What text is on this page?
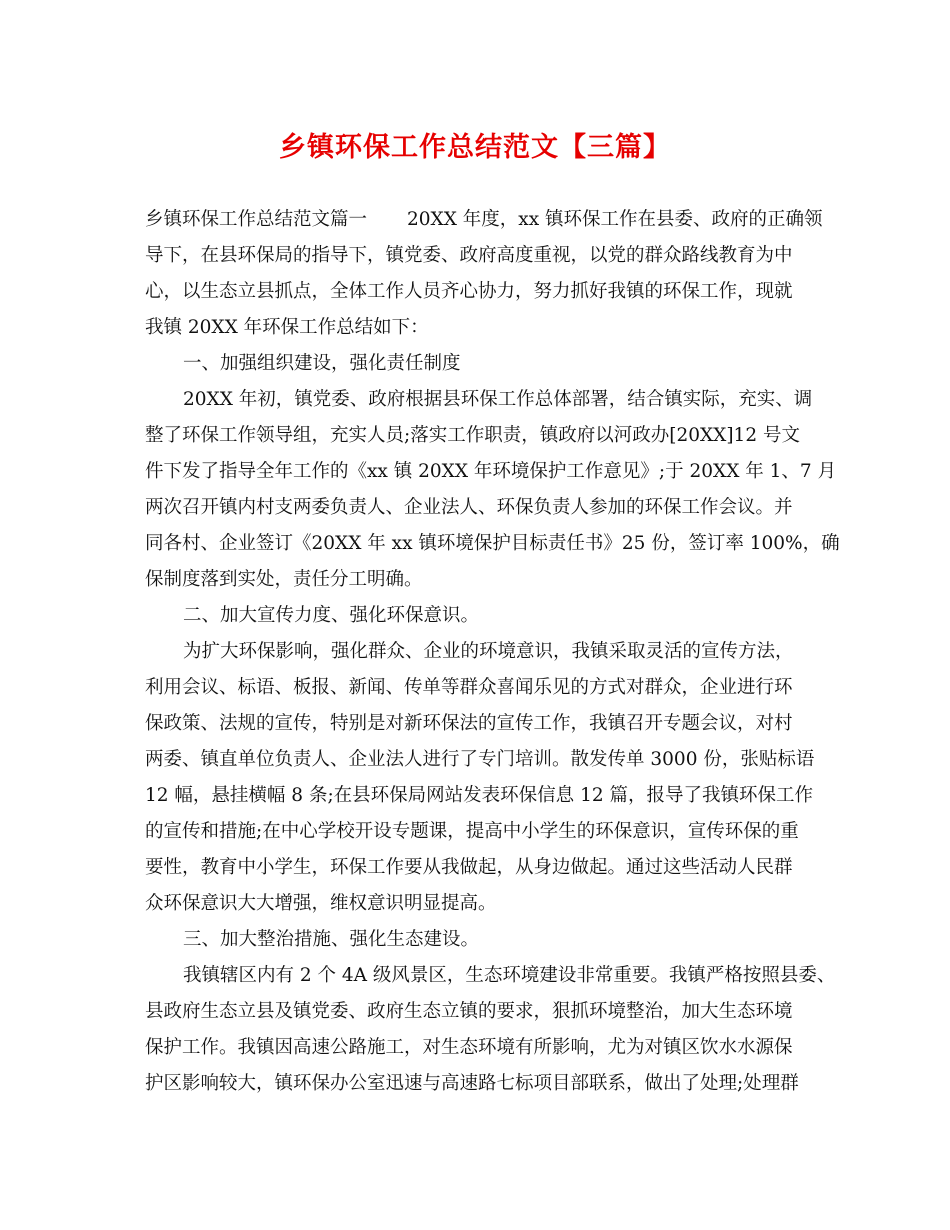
乡镇环保工作总结范文【三篇】

乡镇环保工作总结范文篇一 20XX 年度，xx 镇环保工作在县委、政府的正确领

导下，在县环保局的指导下，镇党委、政府高度重视，以党的群众路线教育为中

心，以生态立县抓点，全体工作人员齐心协力，努力抓好我镇的环保工作，现就

我镇 20XX 年环保工作总结如下：

一、加强组织建设，强化责任制度

20XX 年初，镇党委、政府根据县环保工作总体部署，结合镇实际，充实、调

整了环保工作领导组，充实人员;落实工作职责，镇政府以河政办[20XX]12 号文

件下发了指导全年工作的《xx 镇 20XX 年环境保护工作意见》;于 20XX 年 1、7 月

两次召开镇内村支两委负责人、企业法人、环保负责人参加的环保工作会议。并

同各村、企业签订《20XX 年 xx 镇环境保护目标责任书》25 份，签订率 100%，确

保制度落到实处，责任分工明确。

二、加大宣传力度、强化环保意识。

为扩大环保影响，强化群众、企业的环境意识，我镇采取灵活的宣传方法，

利用会议、标语、板报、新闻、传单等群众喜闻乐见的方式对群众，企业进行环

保政策、法规的宣传，特别是对新环保法的宣传工作，我镇召开专题会议，对村

两委、镇直单位负责人、企业法人进行了专门培训。散发传单 3000 份，张贴标语

12 幅，悬挂横幅 8 条;在县环保局网站发表环保信息 12 篇，报导了我镇环保工作

的宣传和措施;在中心学校开设专题课，提高中小学生的环保意识，宣传环保的重

要性，教育中小学生，环保工作要从我做起，从身边做起。通过这些活动人民群

众环保意识大大增强，维权意识明显提高。

三、加大整治措施、强化生态建设。

我镇辖区内有 2 个 4A 级风景区，生态环境建设非常重要。我镇严格按照县委、

县政府生态立县及镇党委、政府生态立镇的要求，狠抓环境整治，加大生态环境

保护工作。我镇因高速公路施工，对生态环境有所影响，尤为对镇区饮水水源保

护区影响较大，镇环保办公室迅速与高速路七标项目部联系，做出了处理;处理群
